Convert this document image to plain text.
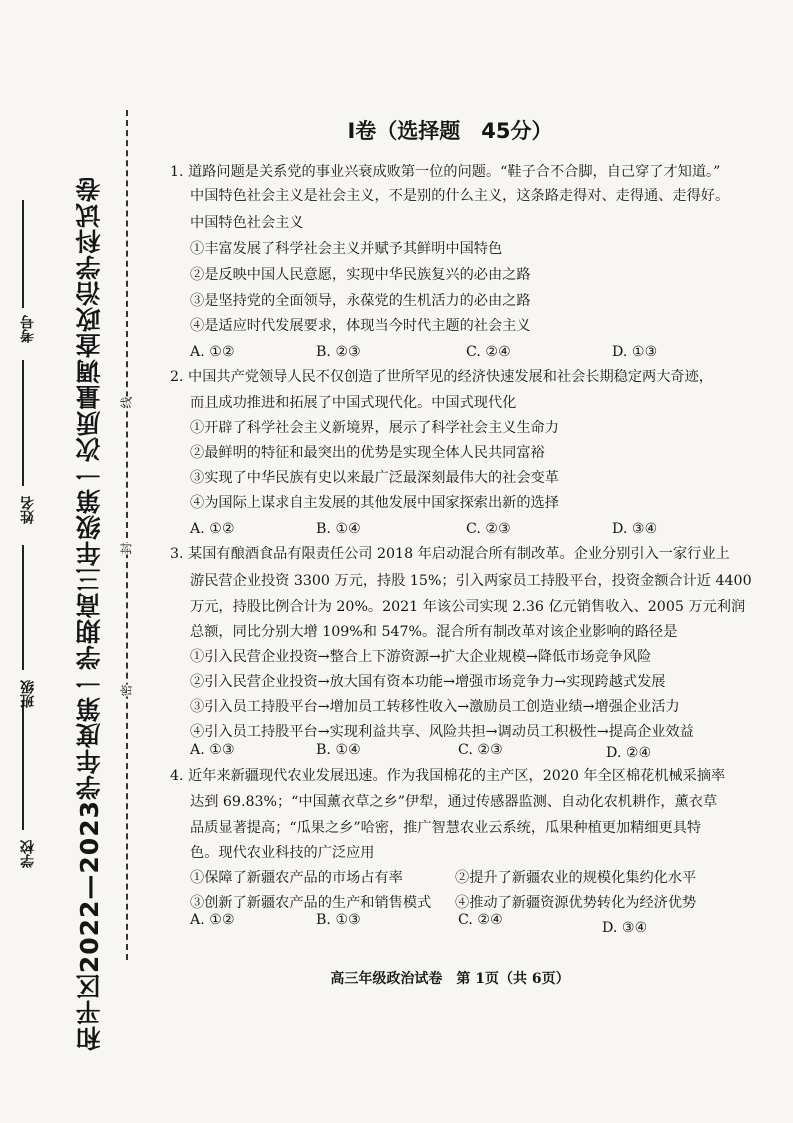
和平区2022—2023学年度第一学期高三年级第一次质量调查政治学科试卷
学校
班级
姓名
考号
密
封
线
Ⅰ卷（选择题　45分）
1. 道路问题是关系党的事业兴衰成败第一位的问题。“鞋子合不合脚，自己穿了才知道。”
中国特色社会主义是社会主义，不是别的什么主义，这条路走得对、走得通、走得好。
中国特色社会主义
①丰富发展了科学社会主义并赋予其鲜明中国特色
②是反映中国人民意愿，实现中华民族复兴的必由之路
③是坚持党的全面领导，永葆党的生机活力的必由之路
④是适应时代发展要求，体现当今时代主题的社会主义
A. ①②	B. ②③	C. ②④	D. ①③
2. 中国共产党领导人民不仅创造了世所罕见的经济快速发展和社会长期稳定两大奇迹，
而且成功推进和拓展了中国式现代化。中国式现代化
①开辟了科学社会主义新境界，展示了科学社会主义生命力
②最鲜明的特征和最突出的优势是实现全体人民共同富裕
③实现了中华民族有史以来最广泛最深刻最伟大的社会变革
④为国际上谋求自主发展的其他发展中国家探索出新的选择
A. ①②	B. ①④	C. ②③	D. ③④
3. 某国有酿酒食品有限责任公司 2018 年启动混合所有制改革。企业分别引入一家行业上
游民营企业投资 3300 万元，持股 15%；引入两家员工持股平台，投资金额合计近 4400
万元，持股比例合计为 20%。2021 年该公司实现 2.36 亿元销售收入、2005 万元利润
总额，同比分别大增 109%和 547%。混合所有制改革对该企业影响的路径是
①引入民营企业投资→整合上下游资源→扩大企业规模→降低市场竞争风险
②引入民营企业投资→放大国有资本功能→增强市场竞争力→实现跨越式发展
③引入员工持股平台→增加员工转移性收入→激励员工创造业绩→增强企业活力
④引入员工持股平台→实现利益共享、风险共担→调动员工积极性→提高企业效益
A. ①③	B. ①④	C. ②③	D. ②④
4. 近年来新疆现代农业发展迅速。作为我国棉花的主产区，2020 年全区棉花机械采摘率
达到 69.83%；“中国薰衣草之乡”伊犁，通过传感器监测、自动化农机耕作，薰衣草
品质显著提高；“瓜果之乡”哈密，推广智慧农业云系统，瓜果种植更加精细更具特
色。现代农业科技的广泛应用
①保障了新疆农产品的市场占有率	②提升了新疆农业的规模化集约化水平
③创新了新疆农产品的生产和销售模式 ④推动了新疆资源优势转化为经济优势
A. ①②	B. ①③	C. ②④	D. ③④
高三年级政治试卷　第 1页（共 6页）
